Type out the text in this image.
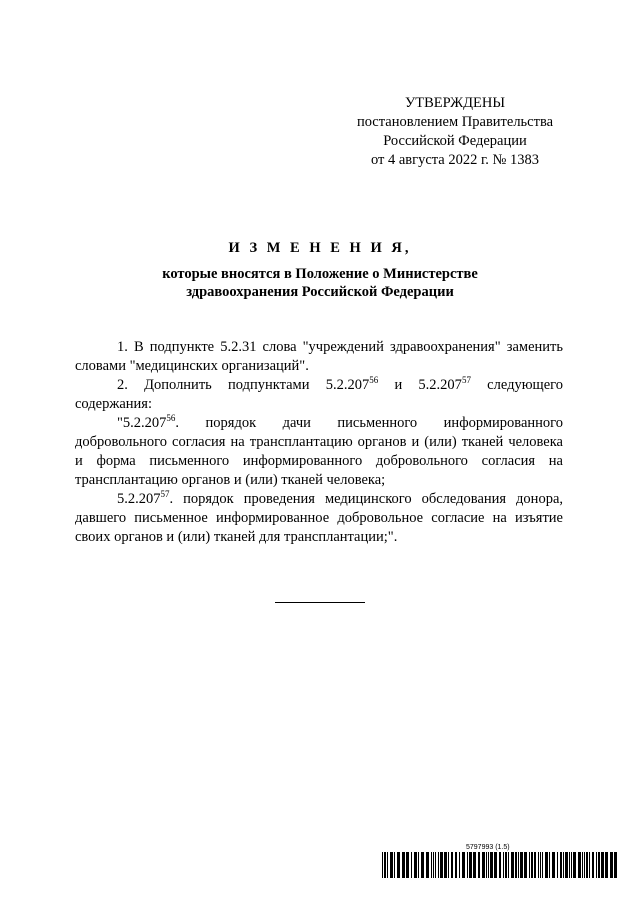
УТВЕРЖДЕНЫ
постановлением Правительства
Российской Федерации
от 4 августа 2022 г. № 1383
И З М Е Н Е Н И Я,
которые вносятся в Положение о Министерстве
здравоохранения Российской Федерации

1. В подпункте 5.2.31 слова "учреждений здравоохранения" заменить словами "медицинских организаций".

2. Дополнить подпунктами 5.2.207$^{56}$ и 5.2.207$^{57}$ следующего содержания:

"5.2.207$^{56}$. порядок дачи письменного информированного добровольного согласия на трансплантацию органов и (или) тканей человека и форма письменного информированного добровольного согласия на трансплантацию органов и (или) тканей человека;

5.2.207$^{57}$. порядок проведения медицинского обследования донора, давшего письменное информированное добровольное согласие на изъятие своих органов и (или) тканей для трансплантации;".

5797993 (1.5)
